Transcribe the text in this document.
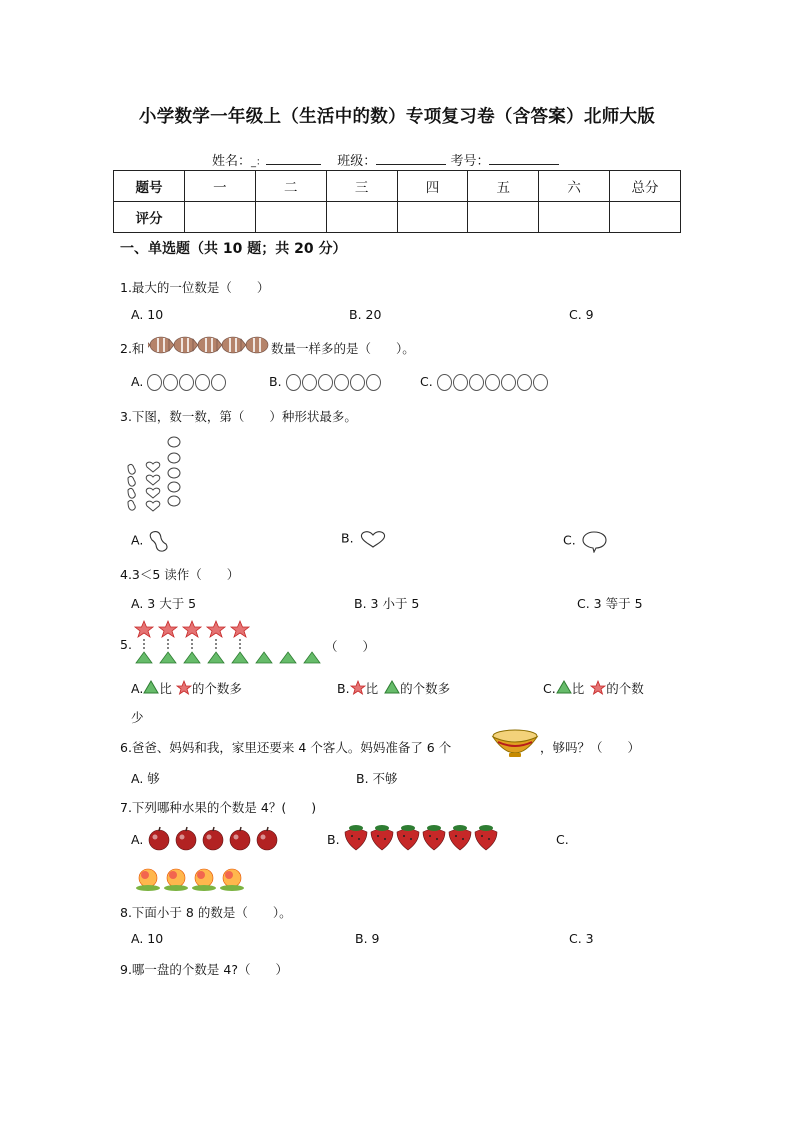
小学数学一年级上（生活中的数）专项复习卷（含答案）北师大版
姓名：_：	班级：	考号：
题号	一	二	三	四	五	六	总分
评分							
一、单选题（共 10 题；共 20 分）
1.最大的一位数是（　　）
A. 10	B. 20	C. 9
2.和	数量一样多的是（　　）。
A.	B.	C.
3.下图，数一数，第（　　）种形状最多。
A.	B.	C.
4.3＜5 读作（　　）
A. 3 大于 5	B. 3 小于 5	C. 3 等于 5
5.	（　　）
A. 比 的个数多	B. 比 的个数多	C. 比 的个数
少
6.爸爸、妈妈和我，家里还要来 4 个客人。妈妈准备了 6 个	，够吗？（　　）
A. 够	B. 不够
7.下列哪种水果的个数是 4？(　　)
A.	B.	C.
8.下面小于 8 的数是（　　）。
A. 10	B. 9	C. 3
9.哪一盘的个数是 4?（　　）
